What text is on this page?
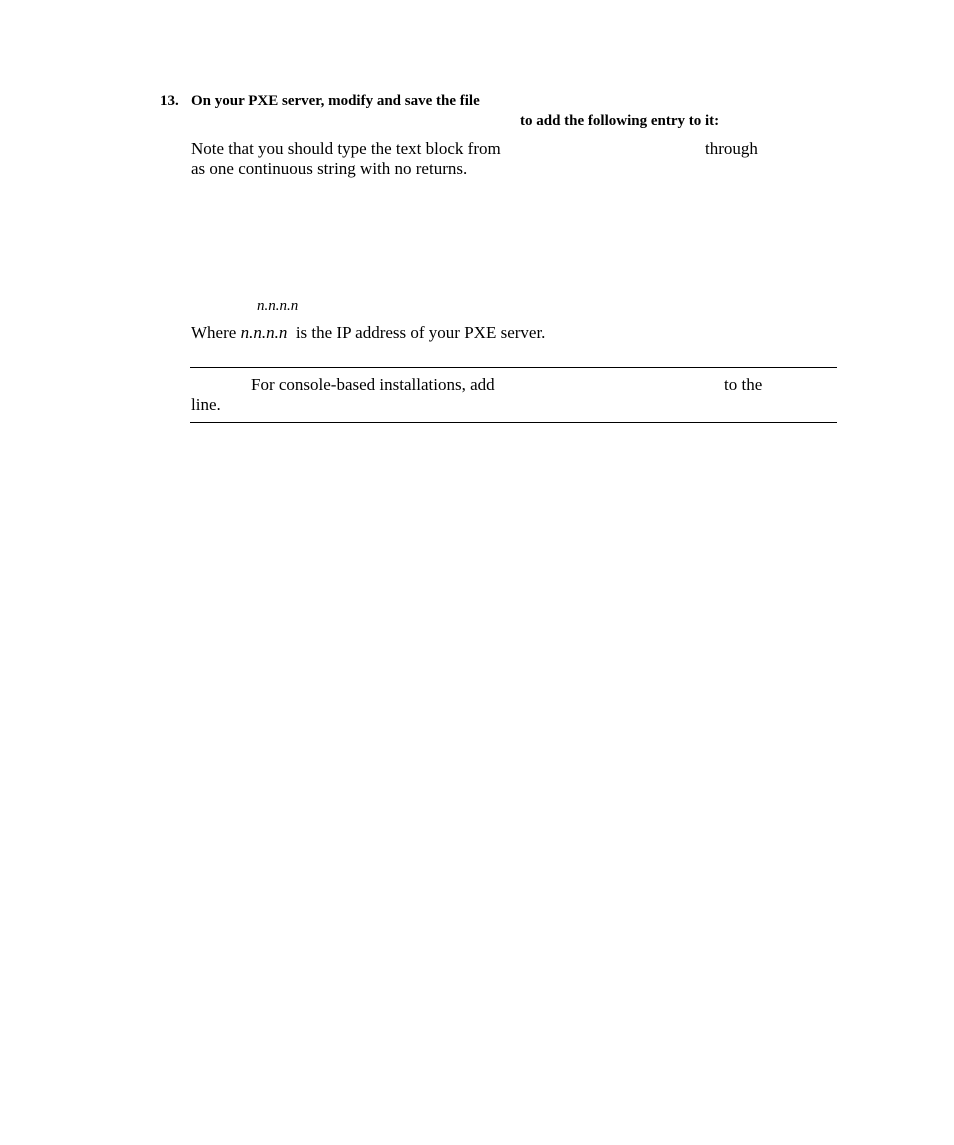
13. On your PXE server, modify and save the file
to add the following entry to it:
Note that you should type the text block from	through
as one continuous string with no returns.
n.n.n.n
Where n.n.n.n is the IP address of your PXE server.
For console-based installations, add	to the
line.
